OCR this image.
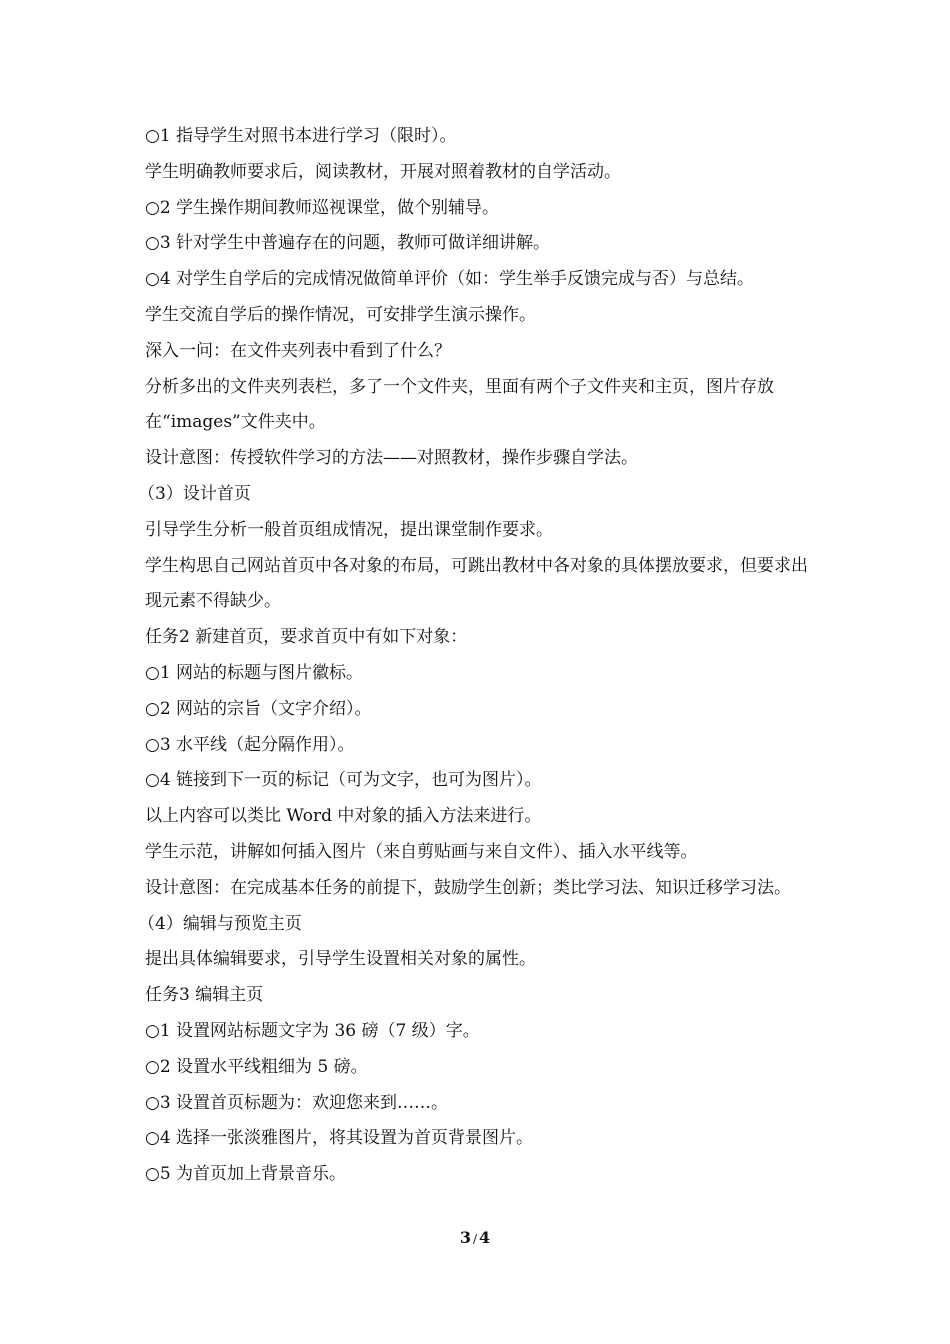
○1 指导学生对照书本进行学习（限时）。

学生明确教师要求后，阅读教材，开展对照着教材的自学活动。

○2 学生操作期间教师巡视课堂，做个别辅导。

○3 针对学生中普遍存在的问题，教师可做详细讲解。

○4 对学生自学后的完成情况做简单评价（如：学生举手反馈完成与否）与总结。

学生交流自学后的操作情况，可安排学生演示操作。

深入一问：在文件夹列表中看到了什么？

分析多出的文件夹列表栏，多了一个文件夹，里面有两个子文件夹和主页，图片存放在“images”文件夹中。

设计意图：传授软件学习的方法——对照教材，操作步骤自学法。

（3）设计首页

引导学生分析一般首页组成情况，提出课堂制作要求。

学生构思自己网站首页中各对象的布局，可跳出教材中各对象的具体摆放要求，但要求出现元素不得缺少。

任务2 新建首页，要求首页中有如下对象：

○1 网站的标题与图片徽标。

○2 网站的宗旨（文字介绍）。

○3 水平线（起分隔作用）。

○4 链接到下一页的标记（可为文字，也可为图片）。

以上内容可以类比 Word 中对象的插入方法来进行。

学生示范，讲解如何插入图片（来自剪贴画与来自文件）、插入水平线等。

设计意图：在完成基本任务的前提下，鼓励学生创新；类比学习法、知识迁移学习法。

（4）编辑与预览主页

提出具体编辑要求，引导学生设置相关对象的属性。

任务3 编辑主页

○1 设置网站标题文字为 36 磅（7 级）字。

○2 设置水平线粗细为 5 磅。

○3 设置首页标题为：欢迎您来到……。

○4 选择一张淡雅图片，将其设置为首页背景图片。

○5 为首页加上背景音乐。

3 / 4
